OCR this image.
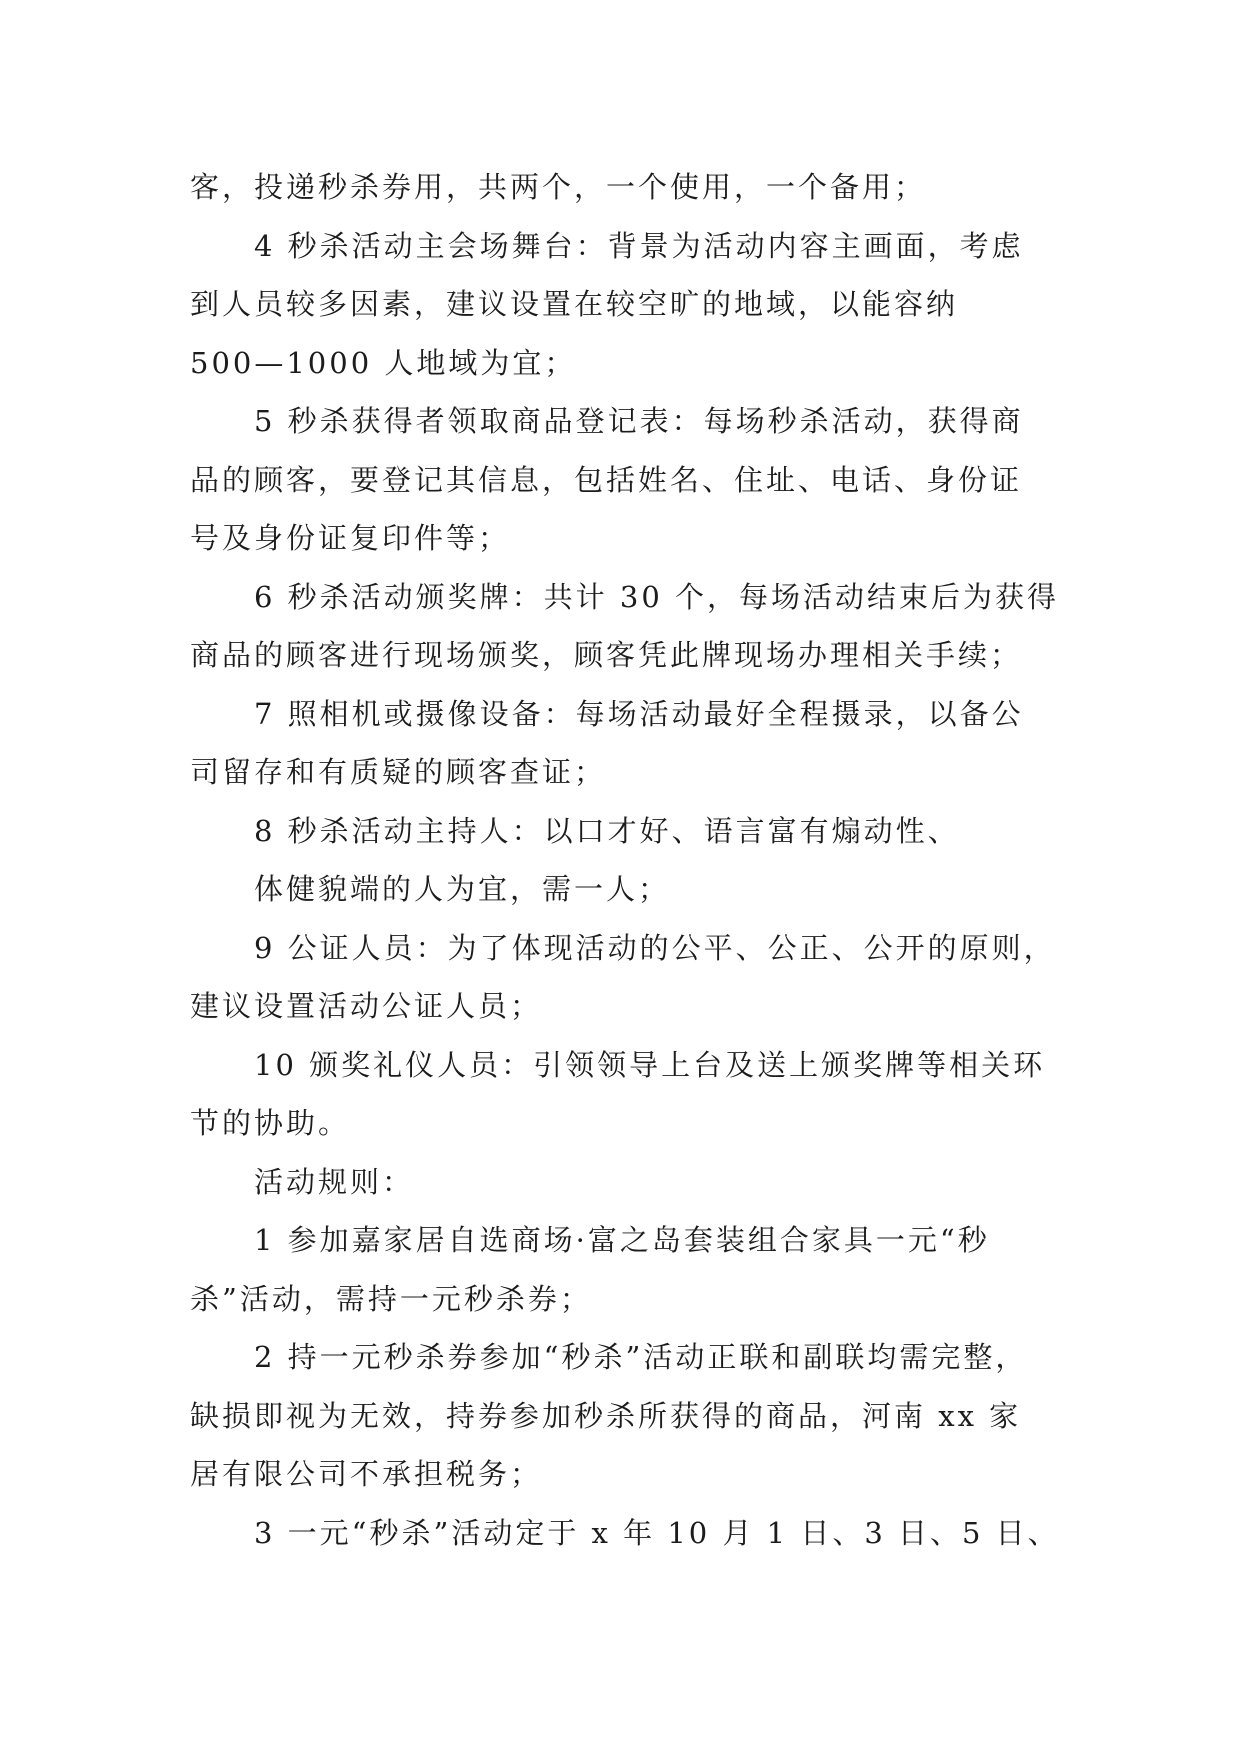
客，投递秒杀券用，共两个，一个使用，一个备用；
4 秒杀活动主会场舞台：背景为活动内容主画面，考虑
到人员较多因素，建议设置在较空旷的地域，以能容纳
500—1000 人地域为宜；
5 秒杀获得者领取商品登记表：每场秒杀活动，获得商
品的顾客，要登记其信息，包括姓名、住址、电话、身份证
号及身份证复印件等；
6 秒杀活动颁奖牌：共计 30 个，每场活动结束后为获得
商品的顾客进行现场颁奖，顾客凭此牌现场办理相关手续；
7 照相机或摄像设备：每场活动最好全程摄录，以备公
司留存和有质疑的顾客查证；
8 秒杀活动主持人：以口才好、语言富有煽动性、
体健貌端的人为宜，需一人；
9 公证人员：为了体现活动的公平、公正、公开的原则，
建议设置活动公证人员；
10 颁奖礼仪人员：引领领导上台及送上颁奖牌等相关环
节的协助。
活动规则：
1 参加嘉家居自选商场·富之岛套装组合家具一元“秒
杀”活动，需持一元秒杀券；
2 持一元秒杀券参加“秒杀”活动正联和副联均需完整，
缺损即视为无效，持券参加秒杀所获得的商品，河南 xx 家
居有限公司不承担税务；
3 一元“秒杀”活动定于 x 年 10 月 1 日、3 日、5 日、
